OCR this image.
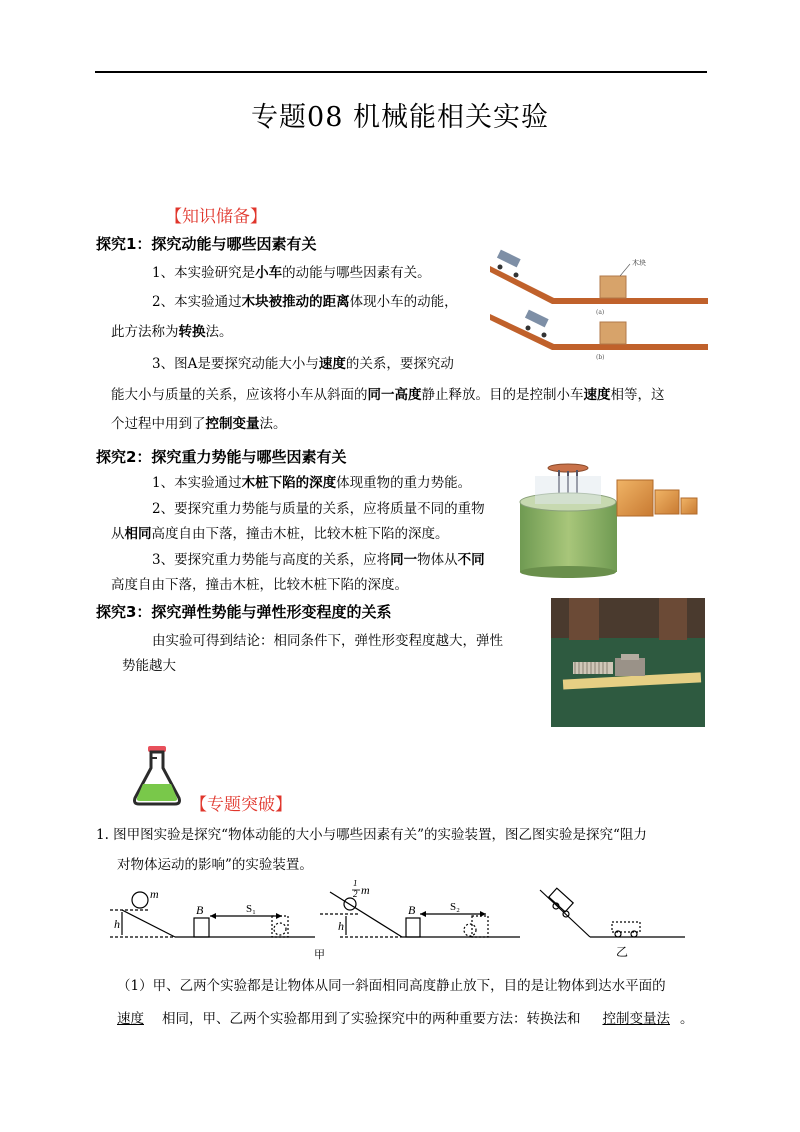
专题08 机械能相关实验
【知识储备】
探究1：探究动能与哪些因素有关
1、本实验研究是小车的动能与哪些因素有关。
2、本实验通过木块被推动的距离体现小车的动能，
此方法称为转换法。
3、图A是要探究动能大小与速度的关系，要探究动
能大小与质量的关系，应该将小车从斜面的同一高度静止释放。目的是控制小车速度相等，这
个过程中用到了控制变量法。
木块
(a)
(b)
探究2：探究重力势能与哪些因素有关
1、本实验通过木桩下陷的深度体现重物的重力势能。
2、要探究重力势能与质量的关系，应将质量不同的重物
从相同高度自由下落，撞击木桩，比较木桩下陷的深度。
3、要探究重力势能与高度的关系，应将同一物体从不同
高度自由下落，撞击木桩，比较木桩下陷的深度。
探究3：探究弹性势能与弹性形变程度的关系
由实验可得到结论：相同条件下，弹性形变程度越大，弹性
势能越大
【专题突破】
1. 图甲图实验是探究“物体动能的大小与哪些因素有关”的实验装置，图乙图实验是探究“阻力
对物体运动的影响”的实验装置。
m
h
B
1
2 m
h
B
S₁	S₂
甲	乙
（1）甲、乙两个实验都是让物体从同一斜面相同高度静止放下，目的是让物体到达水平面的
速度 相同，甲、乙两个实验都用到了实验探究中的两种重要方法：转换法和 控制变量法 。
